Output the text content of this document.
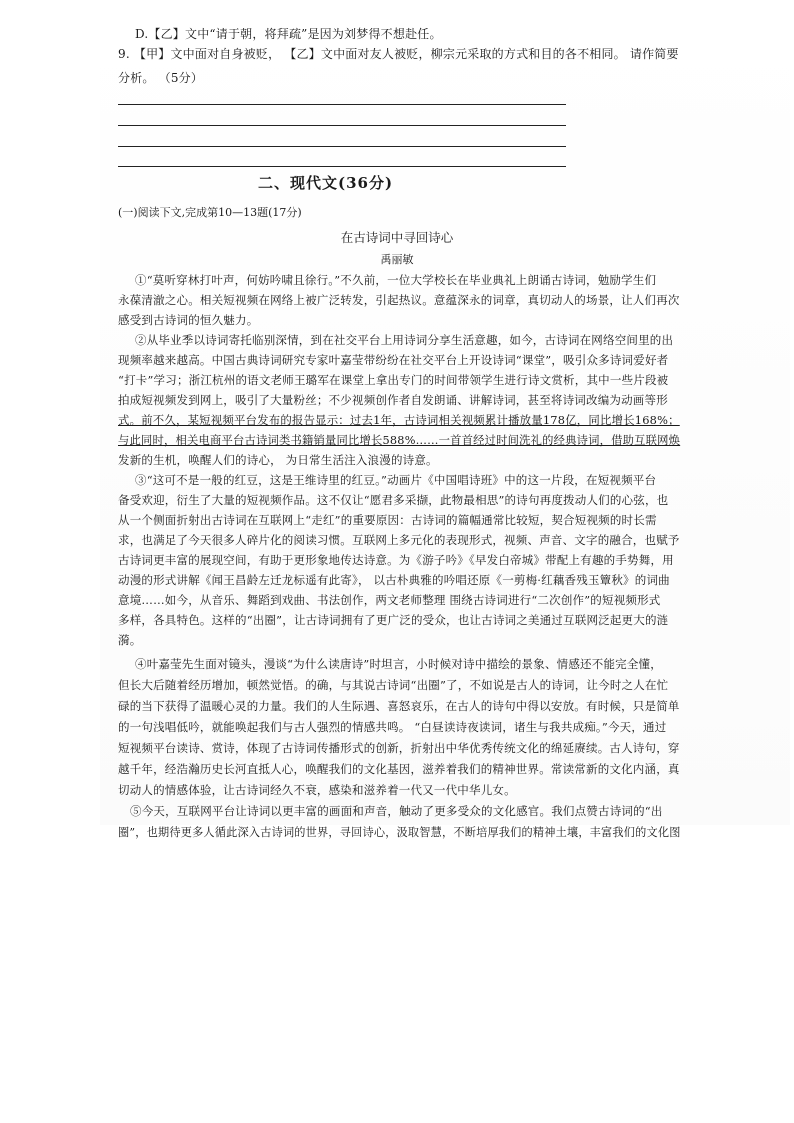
D.【乙】文中“请于朝，将拜疏”是因为刘梦得不想赴任。
9. 【甲】文中面对自身被贬， 【乙】文中面对友人被贬，柳宗元采取的方式和目的各不相同。 请作简要
分析。 （5分）
二、现代文(36分)
(一)阅读下文,完成第10—13题(17分)
在古诗词中寻回诗心
禹丽敏
①“莫听穿林打叶声，何妨吟啸且徐行。”不久前，一位大学校长在毕业典礼上朗诵古诗词，勉励学生们
永葆清澈之心。相关短视频在网络上被广泛转发，引起热议。意蕴深永的词章，真切动人的场景，让人们再次
感受到古诗词的恒久魅力。
②从毕业季以诗词寄托临别深情，到在社交平台上用诗词分享生活意趣，如今，古诗词在网络空间里的出
现频率越来越高。中国古典诗词研究专家叶嘉莹带纷纷在社交平台上开设诗词“课堂”，吸引众多诗词爱好者
“打卡”学习；浙江杭州的语文老师王璐军在课堂上拿出专门的时间带领学生进行诗文赏析，其中一些片段被
拍成短视频发到网上，吸引了大量粉丝；不少视频创作者自发朗诵、讲解诗词，甚至将诗词改编为动画等形
式。前不久，某短视频平台发布的报告显示：过去1年，古诗词相关视频累计播放量178亿，同比增长168%；
与此同时，相关电商平台古诗词类书籍销量同比增长588%……一首首经过时间洗礼的经典诗词，借助互联网焕
发新的生机，唤醒人们的诗心， 为日常生活注入浪漫的诗意。
③“这可不是一般的红豆，这是王维诗里的红豆。”动画片《中国唱诗班》中的这一片段，在短视频平台
备受欢迎，衍生了大量的短视频作品。这不仅让“愿君多采撷，此物最相思”的诗句再度拨动人们的心弦，也
从一个侧面折射出古诗词在互联网上“走红”的重要原因：古诗词的篇幅通常比较短，契合短视频的时长需
求，也满足了今天很多人碎片化的阅读习惯。互联网上多元化的表现形式，视频、声音、文字的融合，也赋予
古诗词更丰富的展现空间，有助于更形象地传达诗意。为《游子吟》《早发白帝城》带配上有趣的手势舞，用
动漫的形式讲解《闻王昌龄左迁龙标遥有此寄》， 以古朴典雅的吟唱还原《一剪梅·红藕香残玉簟秋》的词曲
意境……如今，从音乐、舞蹈到戏曲、书法创作，两文老师整理 围绕古诗词进行“二次创作”的短视频形式
多样，各具特色。这样的“出圈”，让古诗词拥有了更广泛的受众，也让古诗词之美通过互联网泛起更大的涟
漪。
④叶嘉莹先生面对镜头，漫谈“为什么读唐诗”时坦言，小时候对诗中描绘的景象、情感还不能完全懂，
但长大后随着经历增加，顿然觉悟。的确，与其说古诗词“出圈”了，不如说是古人的诗词，让今时之人在忙
碌的当下获得了温暖心灵的力量。我们的人生际遇、喜怒哀乐，在古人的诗句中得以安放。有时候，只是简单
的一句浅唱低吟，就能唤起我们与古人强烈的情感共鸣。 “白昼读诗夜读词，诸生与我共成痴。”今天，通过
短视频平台读诗、赏诗，体现了古诗词传播形式的创新，折射出中华优秀传统文化的绵延赓续。古人诗句，穿
越千年，经浩瀚历史长河直抵人心，唤醒我们的文化基因，滋养着我们的精神世界。常读常新的文化内涵，真
切动人的情感体验，让古诗词经久不衰，感染和滋养着一代又一代中华儿女。
⑤今天，互联网平台让诗词以更丰富的画面和声音，触动了更多受众的文化感官。我们点赞古诗词的“出
圈”，也期待更多人循此深入古诗词的世界，寻回诗心，汲取智慧，不断培厚我们的精神土壤，丰富我们的文化图
